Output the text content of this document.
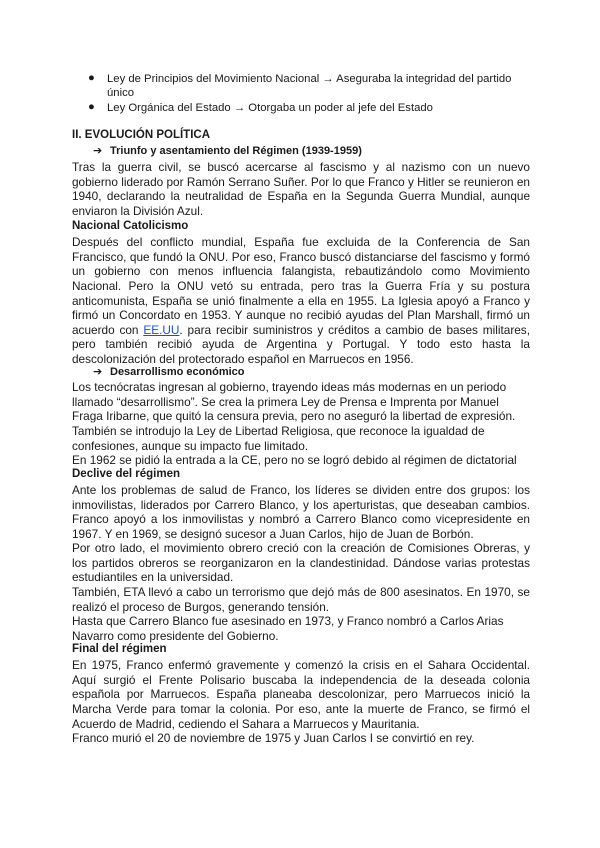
● Ley de Principios del Movimiento Nacional → Aseguraba la integridad del partido
único
● Ley Orgánica del Estado → Otorgaba un poder al jefe del Estado
II. EVOLUCIÓN POLÍTICA
➔ Triunfo y asentamiento del Régimen (1939-1959)

Tras la guerra civil, se buscó acercarse al fascismo y al nazismo con un nuevo gobierno liderado por Ramón Serrano Suñer. Por lo que Franco y Hitler se reunieron en 1940, declarando la neutralidad de España en la Segunda Guerra Mundial, aunque enviaron la División Azul.

Nacional Catolicismo

Después del conflicto mundial, España fue excluida de la Conferencia de San Francisco, que fundó la ONU. Por eso, Franco buscó distanciarse del fascismo y formó un gobierno con menos influencia falangista, rebautizándolo como Movimiento Nacional. Pero la ONU vetó su entrada, pero tras la Guerra Fría y su postura anticomunista, España se unió finalmente a ella en 1955. La Iglesia apoyó a Franco y firmó un Concordato en 1953. Y aunque no recibió ayudas del Plan Marshall, firmó un acuerdo con EE.UU. para recibir suministros y créditos a cambio de bases militares, pero también recibió ayuda de Argentina y Portugal. Y todo esto hasta la descolonización del protectorado español en Marruecos en 1956.

➔ Desarrollismo económico

Los tecnócratas ingresan al gobierno, trayendo ideas más modernas en un periodo llamado “desarrollismo”. Se crea la primera Ley de Prensa e Imprenta por Manuel Fraga Iribarne, que quitó la censura previa, pero no aseguró la libertad de expresión. También se introdujo la Ley de Libertad Religiosa, que reconoce la igualdad de confesiones, aunque su impacto fue limitado.

En 1962 se pidió la entrada a la CE, pero no se logró debido al régimen de dictatorial

Declive del régimen

Ante los problemas de salud de Franco, los líderes se dividen entre dos grupos: los inmovilistas, liderados por Carrero Blanco, y los aperturistas, que deseaban cambios. Franco apoyó a los inmovilistas y nombró a Carrero Blanco como vicepresidente en 1967. Y en 1969, se designó sucesor a Juan Carlos, hijo de Juan de Borbón.

Por otro lado, el movimiento obrero creció con la creación de Comisiones Obreras, y los partidos obreros se reorganizaron en la clandestinidad. Dándose varias protestas estudiantiles en la universidad.

También, ETA llevó a cabo un terrorismo que dejó más de 800 asesinatos. En 1970, se realizó el proceso de Burgos, generando tensión.

Hasta que Carrero Blanco fue asesinado en 1973, y Franco nombró a Carlos Arias Navarro como presidente del Gobierno.

Final del régimen

En 1975, Franco enfermó gravemente y comenzó la crisis en el Sahara Occidental. Aquí surgió el Frente Polisario buscaba la independencia de la deseada colonia española por Marruecos. España planeaba descolonizar, pero Marruecos inició la Marcha Verde para tomar la colonia. Por eso, ante la muerte de Franco, se firmó el Acuerdo de Madrid, cediendo el Sahara a Marruecos y Mauritania.

Franco murió el 20 de noviembre de 1975 y Juan Carlos I se convirtió en rey.
